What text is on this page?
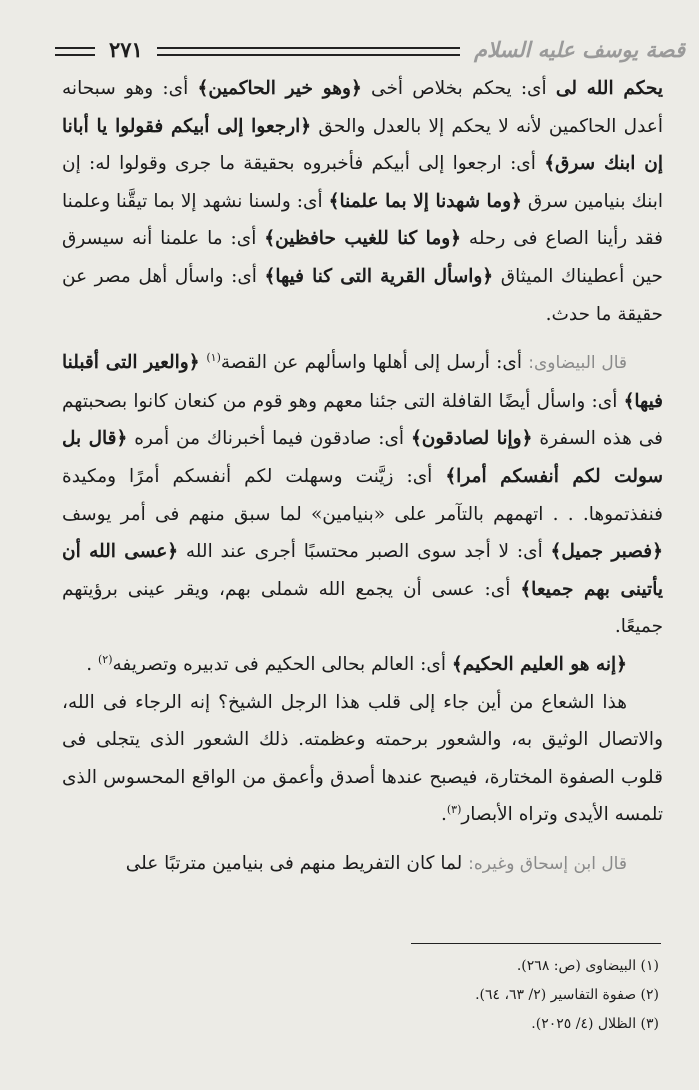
٢٧١	قصة يوسف عليه السلام

يحكم الله لى أى: يحكم بخلاص أخى ﴿وهو خير الحاكمين﴾ أى: وهو سبحانه أعدل الحاكمين لأنه لا يحكم إلا بالعدل والحق ﴿ارجعوا إلى أبيكم فقولوا يا أبانا إن ابنك سرق﴾ أى: ارجعوا إلى أبيكم فأخبروه بحقيقة ما جرى وقولوا له: إن ابنك بنيامين سرق ﴿وما شهدنا إلا بما علمنا﴾ أى: ولسنا نشهد إلا بما تيقَّنا وعلمنا فقد رأينا الصاع فى رحله ﴿وما كنا للغيب حافظين﴾ أى: ما علمنا أنه سيسرق حين أعطيناك الميثاق ﴿واسأل القرية التى كنا فيها﴾ أى: واسأل أهل مصر عن حقيقة ما حدث.

قال البيضاوى: أى: أرسل إلى أهلها واسألهم عن القصة$^{(١)}$ ﴿والعير التى أقبلنا فيها﴾ أى: واسأل أيضًا القافلة التى جئنا معهم وهو قوم من كنعان كانوا بصحبتهم فى هذه السفرة ﴿وإنا لصادقون﴾ أى: صادقون فيما أخبرناك من أمره ﴿قال بل سولت لكم أنفسكم أمرا﴾ أى: زيَّنت وسهلت لكم أنفسكم أمرًا ومكيدة فنفذتموها. . . اتهمهم بالتآمر على «بنيامين» لما سبق منهم فى أمر يوسف ﴿فصبر جميل﴾ أى: لا أجد سوى الصبر محتسبًا أجرى عند الله ﴿عسى الله أن يأتينى بهم جميعا﴾ أى: عسى أن يجمع الله شملى بهم، ويقر عينى برؤيتهم جميعًا.

﴿إنه هو العليم الحكيم﴾ أى: العالم بحالى الحكيم فى تدبيره وتصريفه$^{(٢)}$ .

هذا الشعاع من أين جاء إلى قلب هذا الرجل الشيخ؟ إنه الرجاء فى الله، والاتصال الوثيق به، والشعور برحمته وعظمته. ذلك الشعور الذى يتجلى فى قلوب الصفوة المختارة، فيصبح عندها أصدق وأعمق من الواقع المحسوس الذى تلمسه الأيدى وتراه الأبصار$^{(٣)}$.

قال ابن إسحاق وغيره: لما كان التفريط منهم فى بنيامين مترتبًا على

(١) البيضاوى (ص: ٢٦٨).
(٢) صفوة التفاسير (٢/ ٦٣، ٦٤).
(٣) الظلال (٤/ ٢٠٢٥).
